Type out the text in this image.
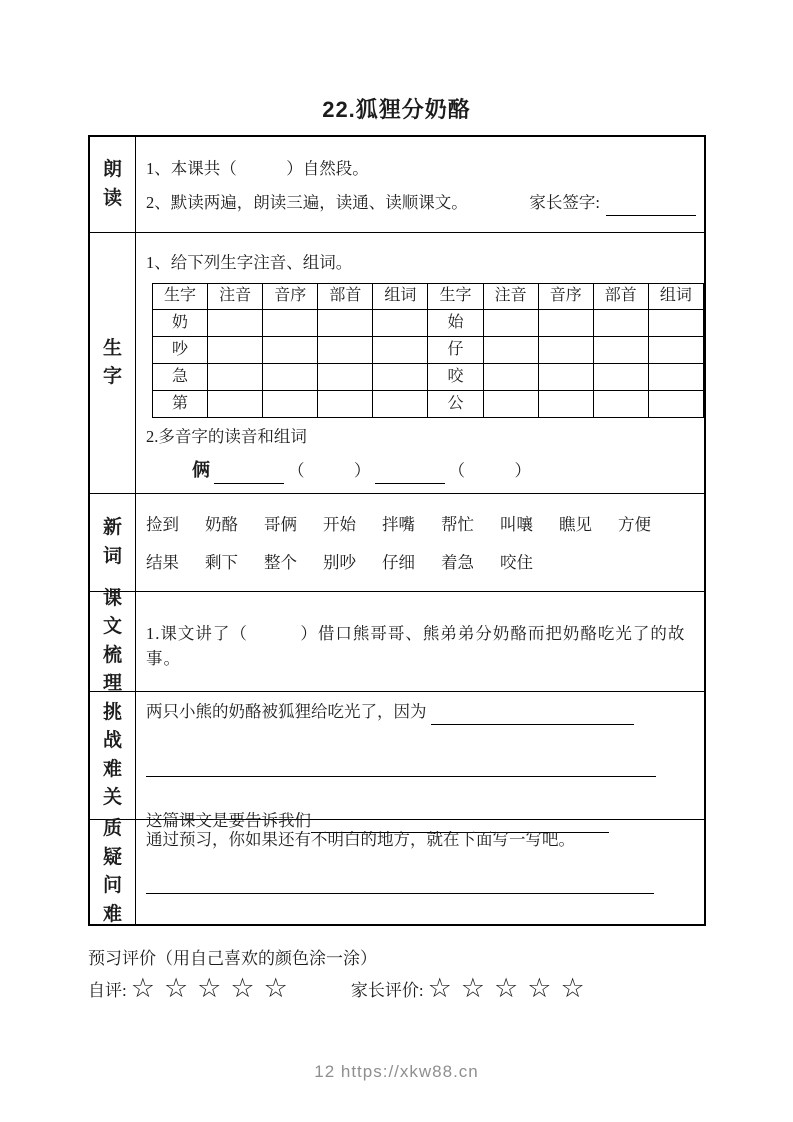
22.狐狸分奶酪
朗读
1、本课共（　　　）自然段。
2、默读两遍，朗读三遍，读通、读顺课文。	家长签字:
生字
1、给下列生字注音、组词。
生字	注音	音序	部首	组词	生字	注音	音序	部首	组词
奶					始				
吵					仔				
急					咬				
第					公				
2.多音字的读音和组词
俩	（　　　）	（　　　）
新词
捡到 奶酪 哥俩 开始 拌嘴 帮忙 叫嚷 瞧见 方便
结果 剩下 整个 别吵 仔细 着急 咬住
课文梳理
1.课文讲了（　　　）借口熊哥哥、熊弟弟分奶酪而把奶酪吃光了的故事。
挑战难关
两只小熊的奶酪被狐狸给吃光了，因为
这篇课文是要告诉我们
质疑问难
通过预习，你如果还有不明白的地方，就在下面写一写吧。
预习评价（用自己喜欢的颜色涂一涂）
自评: ☆ ☆ ☆ ☆ ☆	家长评价: ☆ ☆ ☆ ☆ ☆
12 https://xkw88.cn
